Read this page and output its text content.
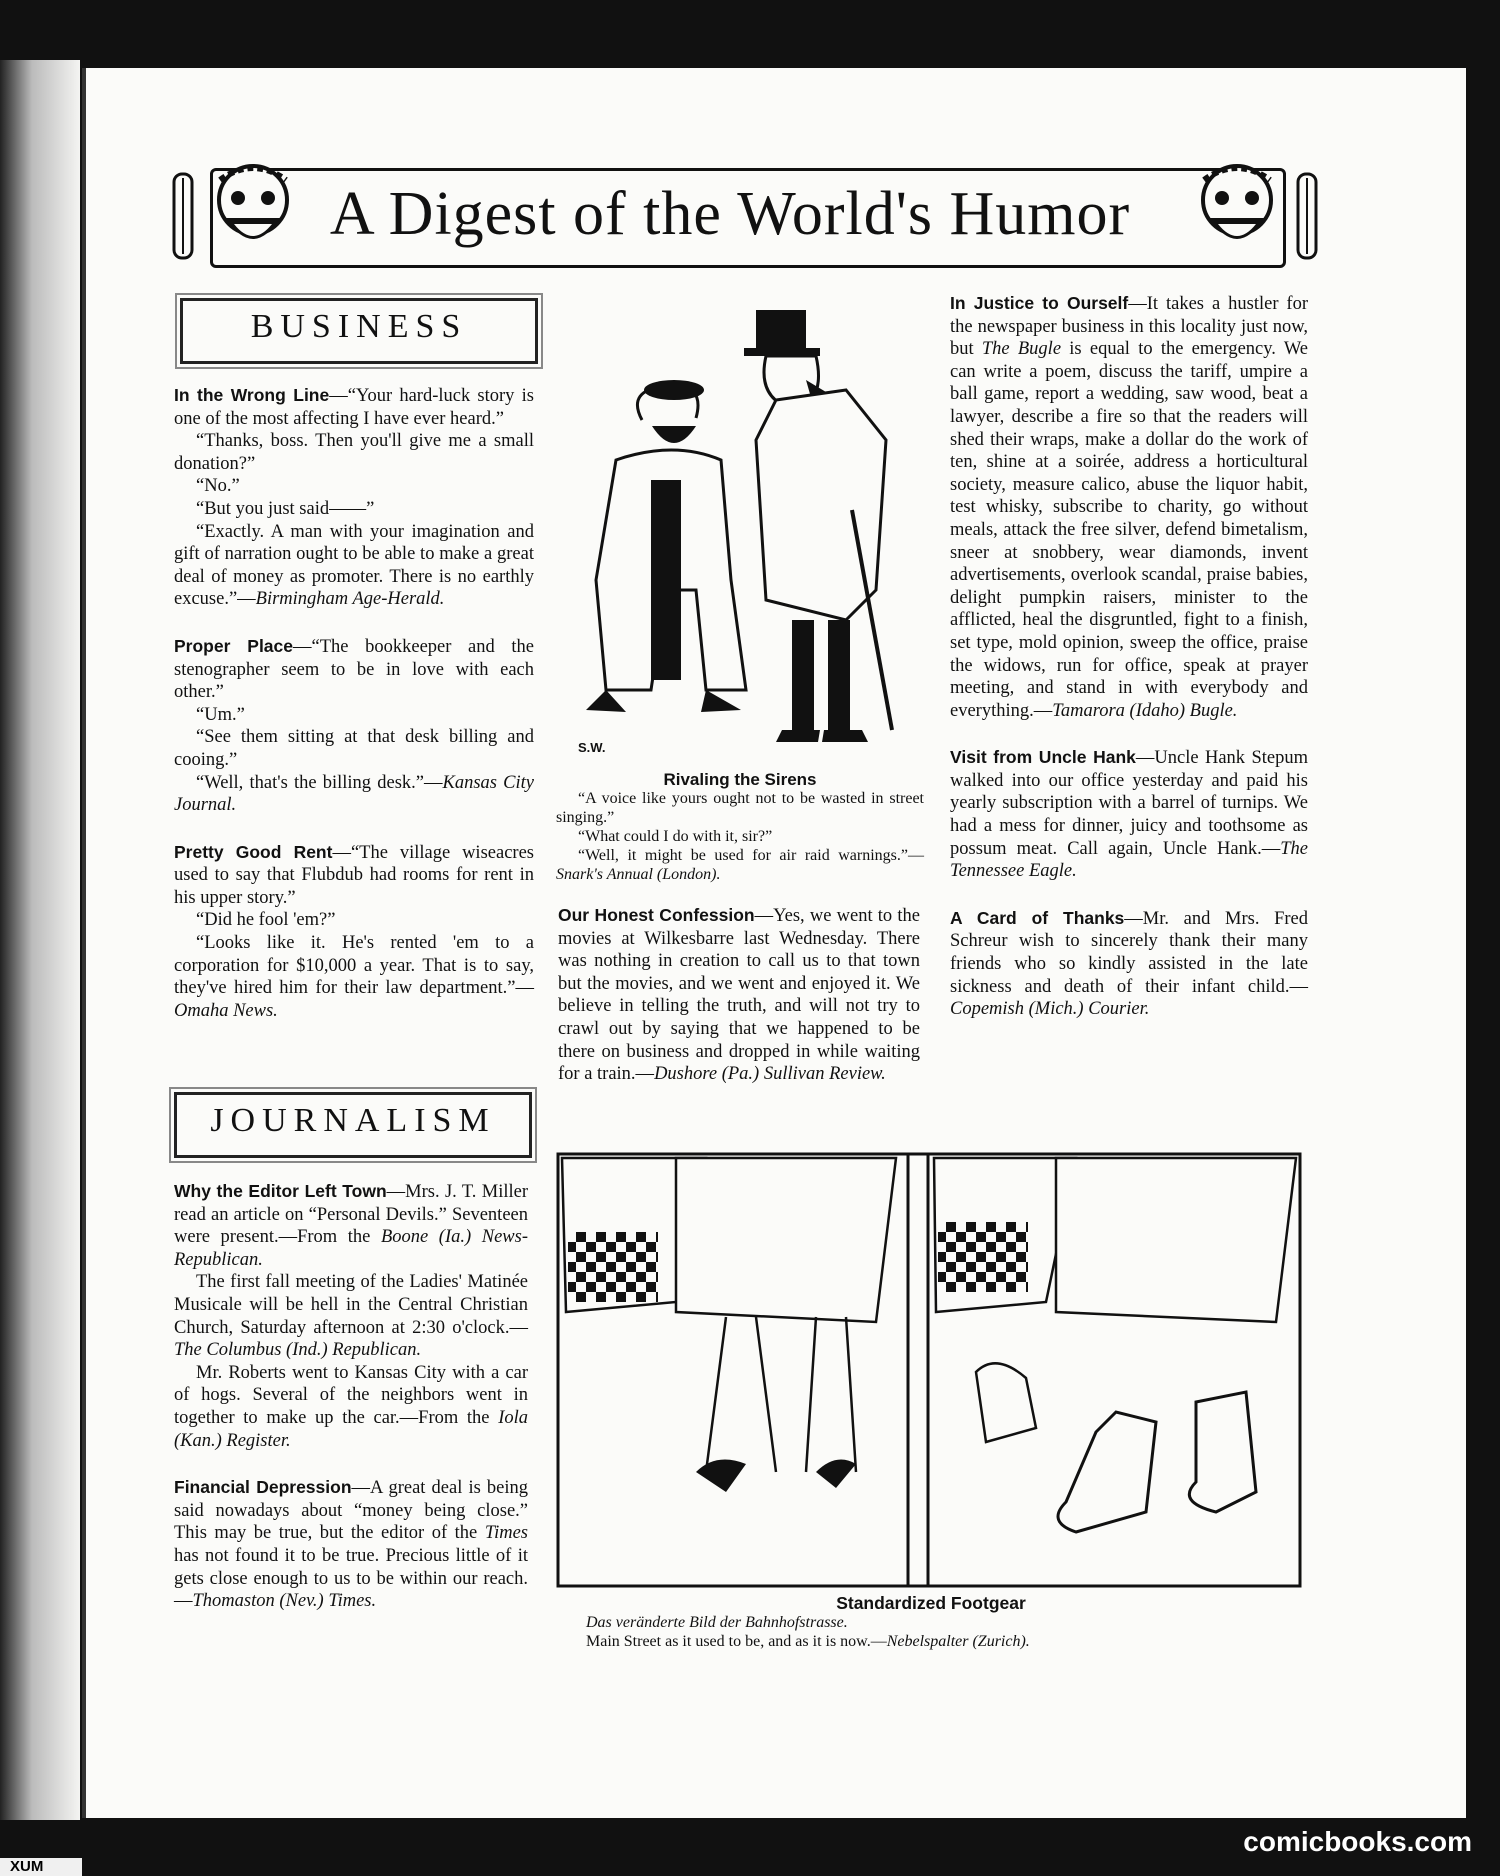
A Digest of the World's Humor
BUSINESS
JOURNALISM

In the Wrong Line—“Your hard-luck story is one of the most affecting I have ever heard.”

“Thanks, boss. Then you'll give me a small donation?”

“No.”

“But you just said——”

“Exactly. A man with your imagination and gift of narration ought to be able to make a great deal of money as promoter. There is no earthly excuse.”—Birmingham Age-Herald.

Proper Place—“The bookkeeper and the stenographer seem to be in love with each other.”

“Um.”

“See them sitting at that desk billing and cooing.”

“Well, that's the billing desk.”—Kansas City Journal.

Pretty Good Rent—“The village wiseacres used to say that Flubdub had rooms for rent in his upper story.”

“Did he fool 'em?”

“Looks like it. He's rented 'em to a corporation for $10,000 a year. That is to say, they've hired him for their law department.”—Omaha News.

Why the Editor Left Town—Mrs. J. T. Miller read an article on “Personal Devils.” Seventeen were present.—From the Boone (Ia.) News-Republican.

The first fall meeting of the Ladies' Matinée Musicale will be hell in the Central Christian Church, Saturday afternoon at 2:30 o'clock.—The Columbus (Ind.) Republican.

Mr. Roberts went to Kansas City with a car of hogs. Several of the neighbors went in together to make up the car.—From the Iola (Kan.) Register.

Financial Depression—A great deal is being said nowadays about “money being close.” This may be true, but the editor of the Times has not found it to be true. Precious little of it gets close enough to us to be within our reach.—Thomaston (Nev.) Times.

S.W.

Rivaling the Sirens

“A voice like yours ought not to be wasted in street singing.”

“What could I do with it, sir?”

“Well, it might be used for air raid warnings.”—Snark's Annual (London).

Our Honest Confession—Yes, we went to the movies at Wilkesbarre last Wednesday. There was nothing in creation to call us to that town but the movies, and we went and enjoyed it. We believe in telling the truth, and will not try to crawl out by saying that we happened to be there on business and dropped in while waiting for a train.—Dushore (Pa.) Sullivan Review.

In Justice to Ourself—It takes a hustler for the newspaper business in this locality just now, but The Bugle is equal to the emergency. We can write a poem, discuss the tariff, umpire a ball game, report a wedding, saw wood, beat a lawyer, describe a fire so that the readers will shed their wraps, make a dollar do the work of ten, shine at a soirée, address a horticultural society, measure calico, abuse the liquor habit, test whisky, subscribe to charity, go without meals, attack the free silver, defend bimetalism, sneer at snobbery, wear diamonds, invent advertisements, overlook scandal, praise babies, delight pumpkin raisers, minister to the afflicted, heal the disgruntled, fight to a finish, set type, mold opinion, sweep the office, praise the widows, run for office, speak at prayer meeting, and stand in with everybody and everything.—Tamarora (Idaho) Bugle.

Visit from Uncle Hank—Uncle Hank Stepum walked into our office yesterday and paid his yearly subscription with a barrel of turnips. We had a mess for dinner, juicy and toothsome as possum meat. Call again, Uncle Hank.—The Tennessee Eagle.

A Card of Thanks—Mr. and Mrs. Fred Schreur wish to sincerely thank their many friends who so kindly assisted in the late sickness and death of their infant child.—Copemish (Mich.) Courier.

Standardized Footgear

Das veränderte Bild der Bahnhofstrasse.

Main Street as it used to be, and as it is now.—Nebelspalter (Zurich).

comicbooks.com
XUM
